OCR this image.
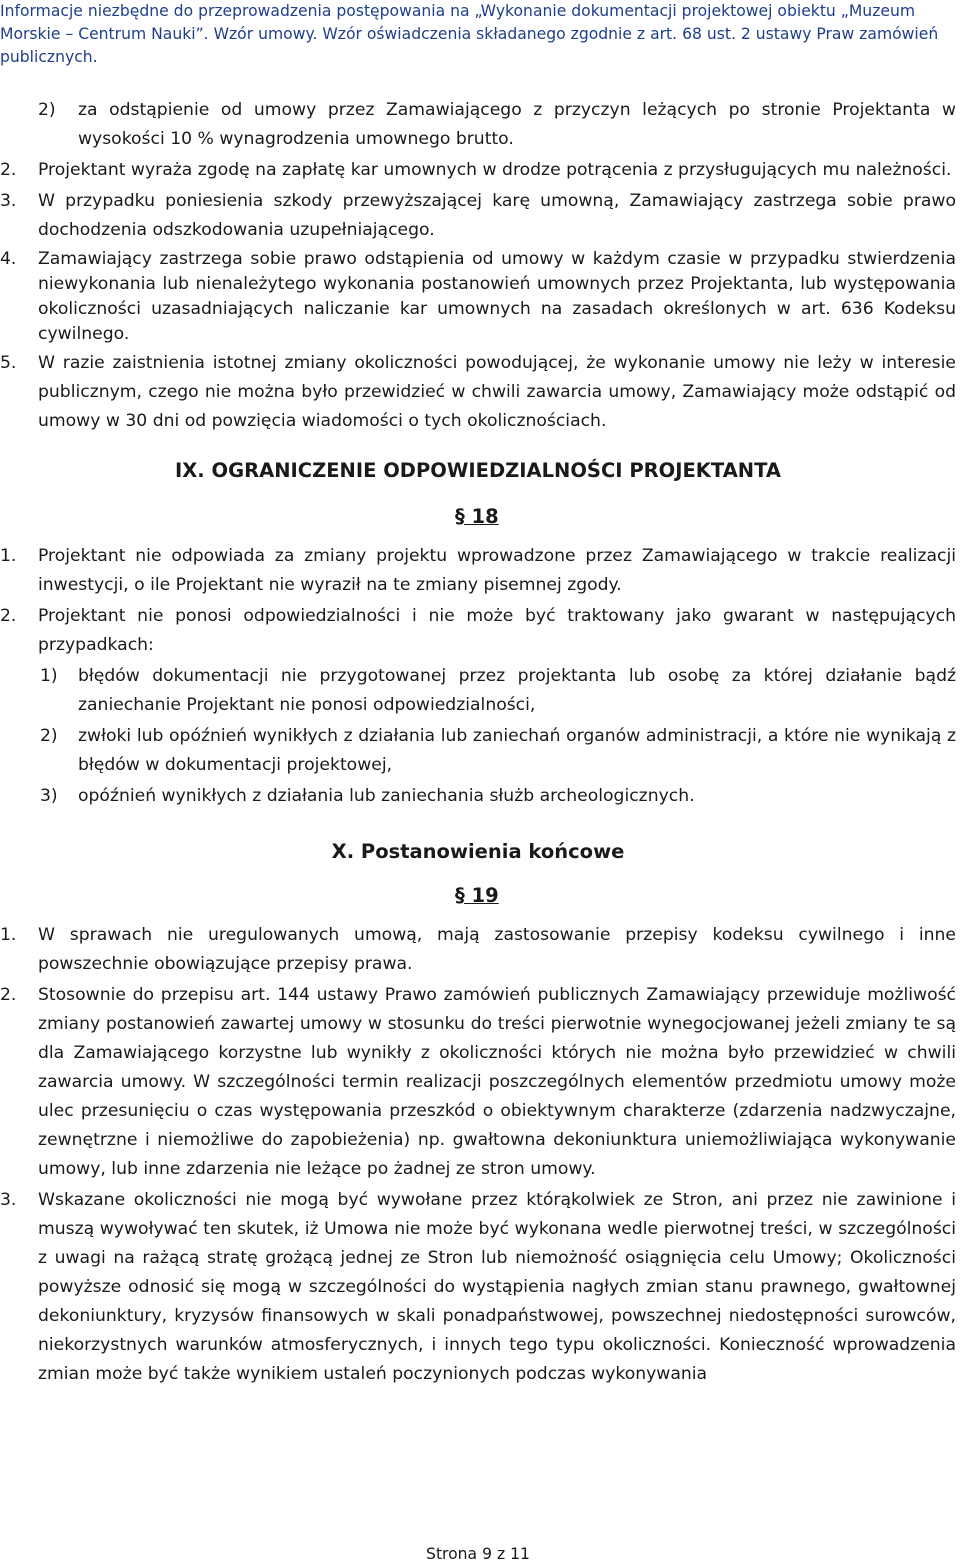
Informacje niezbędne do przeprowadzenia postępowania na „Wykonanie dokumentacji projektowej obiektu „Muzeum Morskie – Centrum Nauki”. Wzór umowy. Wzór oświadczenia składanego zgodnie z art. 68 ust. 2 ustawy Praw zamówień publicznych.

2) za odstąpienie od umowy przez Zamawiającego z przyczyn leżących po stronie Projektanta w wysokości 10 % wynagrodzenia umownego brutto.

2. Projektant wyraża zgodę na zapłatę kar umownych w drodze potrącenia z przysługujących mu należności.

3. W przypadku poniesienia szkody przewyższającej karę umowną, Zamawiający zastrzega sobie prawo dochodzenia odszkodowania uzupełniającego.

4. Zamawiający zastrzega sobie prawo odstąpienia od umowy w każdym czasie w przypadku stwierdzenia niewykonania lub nienależytego wykonania postanowień umownych przez Projektanta, lub występowania okoliczności uzasadniających naliczanie kar umownych na zasadach określonych w art. 636 Kodeksu cywilnego.

5. W razie zaistnienia istotnej zmiany okoliczności powodującej, że wykonanie umowy nie leży w interesie publicznym, czego nie można było przewidzieć w chwili zawarcia umowy, Zamawiający może odstąpić od umowy w 30 dni od powzięcia wiadomości o tych okolicznościach.

IX. OGRANICZENIE ODPOWIEDZIALNOŚCI PROJEKTANTA

§ 18

1. Projektant nie odpowiada za zmiany projektu wprowadzone przez Zamawiającego w trakcie realizacji inwestycji, o ile Projektant nie wyraził na te zmiany pisemnej zgody.

2. Projektant nie ponosi odpowiedzialności i nie może być traktowany jako gwarant w następujących przypadkach:

1) błędów dokumentacji nie przygotowanej przez projektanta lub osobę za której działanie bądź zaniechanie Projektant nie ponosi odpowiedzialności,

2) zwłoki lub opóźnień wynikłych z działania lub zaniechań organów administracji, a które nie wynikają z błędów w dokumentacji projektowej,

3) opóźnień wynikłych z działania lub zaniechania służb archeologicznych.

X. Postanowienia końcowe

§ 19

1. W sprawach nie uregulowanych umową, mają zastosowanie przepisy kodeksu cywilnego i inne powszechnie obowiązujące przepisy prawa.

2. Stosownie do przepisu art. 144 ustawy Prawo zamówień publicznych Zamawiający przewiduje możliwość zmiany postanowień zawartej umowy w stosunku do treści pierwotnie wynegocjowanej jeżeli zmiany te są dla Zamawiającego korzystne lub wynikły z okoliczności których nie można było przewidzieć w chwili zawarcia umowy. W szczególności termin realizacji poszczególnych elementów przedmiotu umowy może ulec przesunięciu o czas występowania przeszkód o obiektywnym charakterze (zdarzenia nadzwyczajne, zewnętrzne i niemożliwe do zapobieżenia) np. gwałtowna dekoniunktura uniemożliwiająca wykonywanie umowy, lub inne zdarzenia nie leżące po żadnej ze stron umowy.

3. Wskazane okoliczności nie mogą być wywołane przez którąkolwiek ze Stron, ani przez nie zawinione i muszą wywoływać ten skutek, iż Umowa nie może być wykonana wedle pierwotnej treści, w szczególności z uwagi na rażącą stratę grożącą jednej ze Stron lub niemożność osiągnięcia celu Umowy; Okoliczności powyższe odnosić się mogą w szczególności do wystąpienia nagłych zmian stanu prawnego, gwałtownej dekoniunktury, kryzysów finansowych w skali ponadpaństwowej, powszechnej niedostępności surowców, niekorzystnych warunków atmosferycznych, i innych tego typu okoliczności. Konieczność wprowadzenia zmian może być także wynikiem ustaleń poczynionych podczas wykonywania

Strona 9 z 11
